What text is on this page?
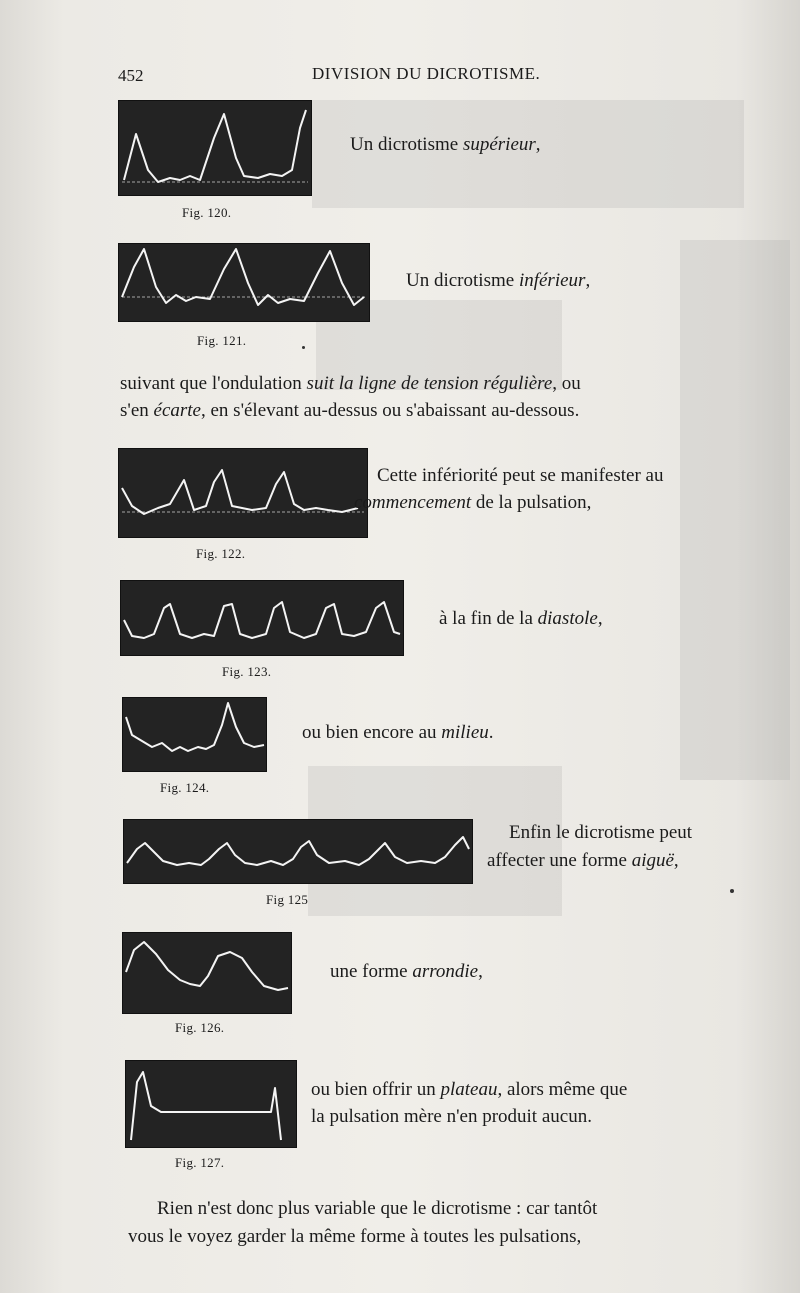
452	DIVISION DU DICROTISME.
Fig. 120.
Un dicrotisme supérieur,
Fig. 121.
Un dicrotisme inférieur,
suivant que l'ondulation suit la ligne de tension régulière, ou
s'en écarte, en s'élevant au-dessus ou s'abaissant au-dessous.
Fig. 122.
Cette infériorité peut se manifester au
commencement de la pulsation,
Fig. 123.
à la fin de la diastole,
Fig. 124.
ou bien encore au milieu.
Fig 125
Enfin le dicrotisme peut
affecter une forme aiguë,
Fig. 126.
une forme arrondie,
Fig. 127.
ou bien offrir un plateau, alors même que
la pulsation mère n'en produit aucun.
Rien n'est donc plus variable que le dicrotisme : car tantôt
vous le voyez garder la même forme à toutes les pulsations,
